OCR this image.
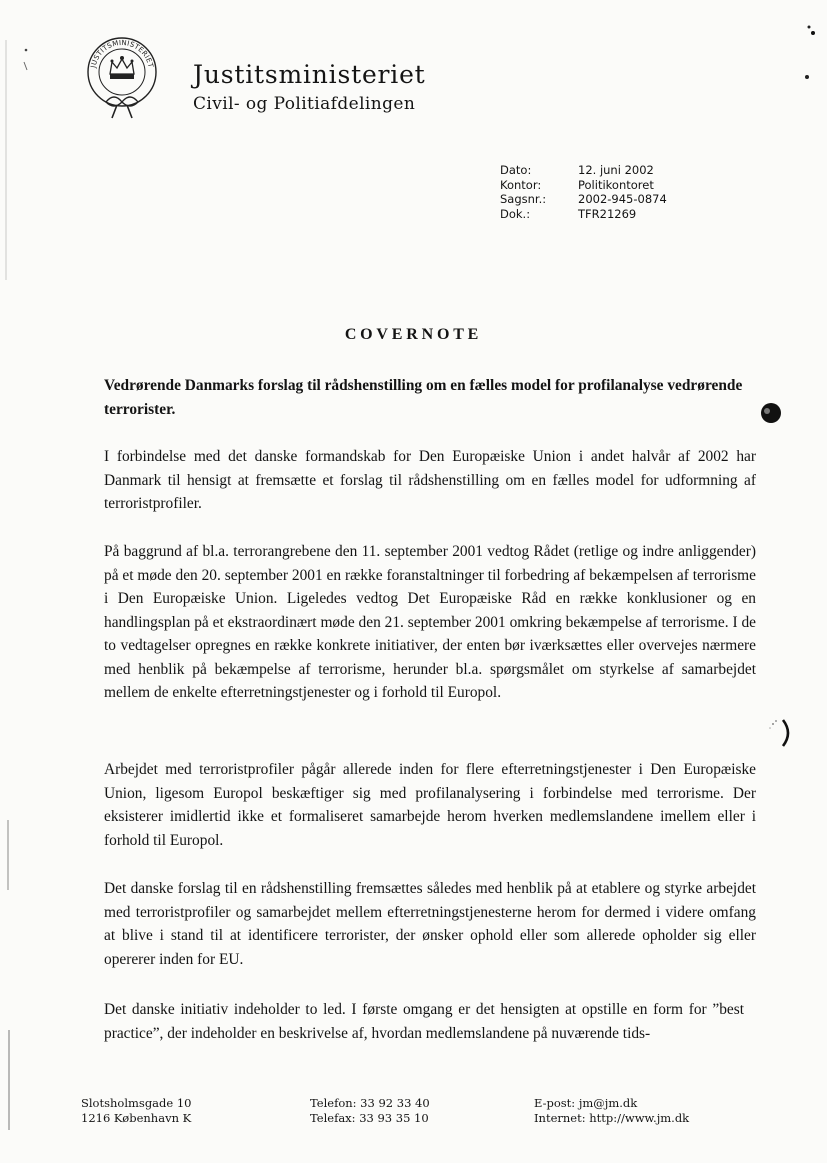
JUSTITSMINISTERIET Justitsministeriet
Civil- og Politiafdelingen
Dato:	12. juni 2002
Kontor:	Politikontoret
Sagsnr.:	2002-945-0874
Dok.:	TFR21269
COVERNOTE

Vedrørende Danmarks forslag til rådshenstilling om en fælles model for profilanalyse vedrørende terrorister.

I forbindelse med det danske formandskab for Den Europæiske Union i andet halvår af 2002 har Danmark til hensigt at fremsætte et forslag til rådshenstilling om en fælles model for udformning af terroristprofiler.

På baggrund af bl.a. terrorangrebene den 11. september 2001 vedtog Rådet (retlige og indre anliggender) på et møde den 20. september 2001 en række foranstaltninger til forbedring af bekæmpelsen af terrorisme i Den Europæiske Union. Ligeledes vedtog Det Europæiske Råd en række konklusioner og en handlingsplan på et ekstraordinært møde den 21. september 2001 omkring bekæmpelse af terrorisme. I de to vedtagelser opregnes en række konkrete initiativer, der enten bør iværksættes eller overvejes nærmere med henblik på bekæmpelse af terrorisme, herunder bl.a. spørgsmålet om styrkelse af samarbejdet mellem de enkelte efterretningstjenester og i forhold til Europol.

Arbejdet med terroristprofiler pågår allerede inden for flere efterretningstjenester i Den Europæiske Union, ligesom Europol beskæftiger sig med profilanalysering i forbindelse med terrorisme. Der eksisterer imidlertid ikke et formaliseret samarbejde herom hverken medlemslandene imellem eller i forhold til Europol.

Det danske forslag til en rådshenstilling fremsættes således med henblik på at etablere og styrke arbejdet med terroristprofiler og samarbejdet mellem efterretningstjenesterne herom for dermed i videre omfang at blive i stand til at identificere terrorister, der ønsker ophold eller som allerede opholder sig eller opererer inden for EU.

Det danske initiativ indeholder to led. I første omgang er det hensigten at opstille en form for ”best practice”, der indeholder en beskrivelse af, hvordan medlemslandene på nuværende tids-

Slotsholmsgade 10
1216 København K
Telefon: 33 92 33 40
Telefax: 33 93 35 10
E-post: jm@jm.dk
Internet: http://www.jm.dk
